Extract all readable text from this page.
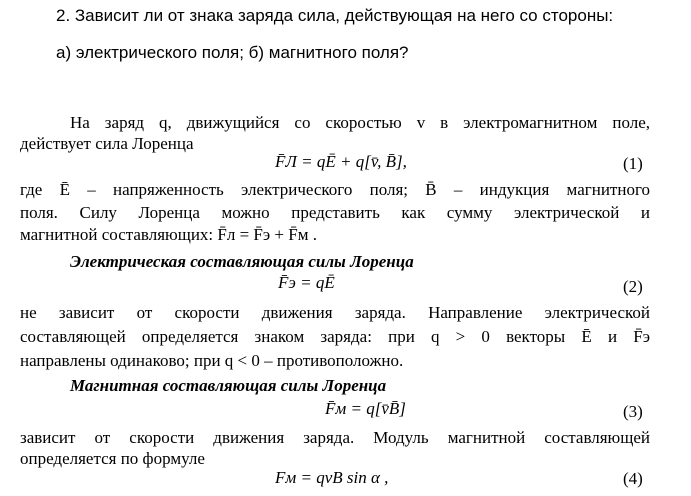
2. Зависит ли от знака заряда сила, действующая на него со стороны:
а) электрического поля; б) магнитного поля?
На заряд q, движущийся со скоростью v в электромагнитном поле,
действует сила Лоренца
F̄Л = qĒ + q[v̄, B̄],	(1)
где Ē – напряженность электрического поля; B̄ – индукция магнитного
поля. Силу Лоренца можно представить как сумму электрической и
магнитной составляющих: F̄л = F̄э + F̄м .
Электрическая составляющая силы Лоренца
F̄э = qĒ	(2)
не зависит от скорости движения заряда. Направление электрической
составляющей определяется знаком заряда: при q > 0 векторы Ē и F̄э
направлены одинаково; при q < 0 – противоположно.
Магнитная составляющая силы Лоренца
F̄м = q[v̄B̄]	(3)
зависит от скорости движения заряда. Модуль магнитной составляющей
определяется по формуле
Fм = qvB sin α ,	(4)
